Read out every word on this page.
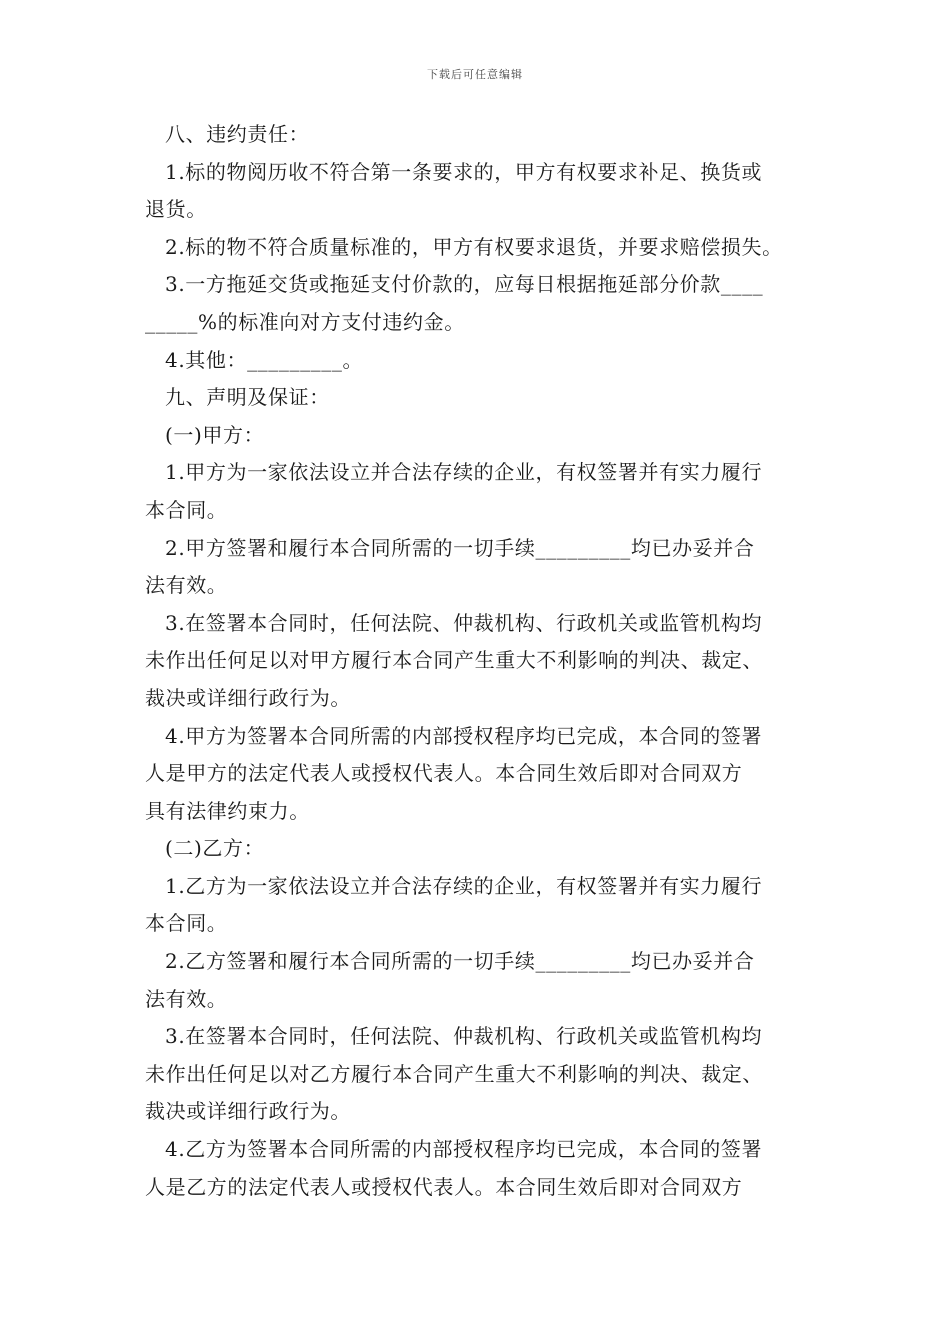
下载后可任意编辑
八、违约责任：
1.标的物阅历收不符合第一条要求的，甲方有权要求补足、换货或
退货。
2.标的物不符合质量标准的，甲方有权要求退货，并要求赔偿损失。
3.一方拖延交货或拖延支付价款的，应每日根据拖延部分价款____
_____%的标准向对方支付违约金。
4.其他：_________。
九、声明及保证：
(一)甲方：
1.甲方为一家依法设立并合法存续的企业，有权签署并有实力履行
本合同。
2.甲方签署和履行本合同所需的一切手续_________均已办妥并合
法有效。
3.在签署本合同时，任何法院、仲裁机构、行政机关或监管机构均
未作出任何足以对甲方履行本合同产生重大不利影响的判决、裁定、
裁决或详细行政行为。
4.甲方为签署本合同所需的内部授权程序均已完成，本合同的签署
人是甲方的法定代表人或授权代表人。本合同生效后即对合同双方
具有法律约束力。
(二)乙方：
1.乙方为一家依法设立并合法存续的企业，有权签署并有实力履行
本合同。
2.乙方签署和履行本合同所需的一切手续_________均已办妥并合
法有效。
3.在签署本合同时，任何法院、仲裁机构、行政机关或监管机构均
未作出任何足以对乙方履行本合同产生重大不利影响的判决、裁定、
裁决或详细行政行为。
4.乙方为签署本合同所需的内部授权程序均已完成，本合同的签署
人是乙方的法定代表人或授权代表人。本合同生效后即对合同双方
